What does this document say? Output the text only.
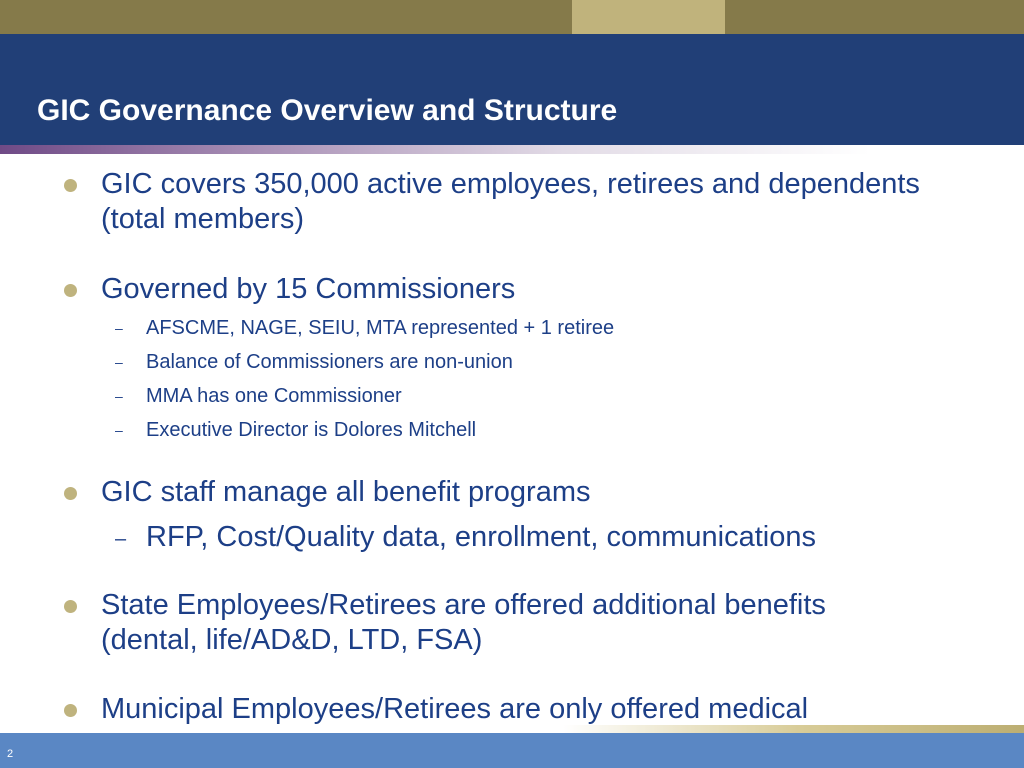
GIC Governance Overview and Structure
GIC covers 350,000 active employees, retirees and dependents (total members)
Governed by 15 Commissioners
– AFSCME, NAGE, SEIU, MTA represented + 1 retiree
– Balance of Commissioners are non-union
– MMA has one Commissioner
– Executive Director is Dolores Mitchell
GIC staff manage all benefit programs
– RFP, Cost/Quality data, enrollment, communications
State Employees/Retirees are offered additional benefits (dental, life/AD&D, LTD, FSA)
Municipal Employees/Retirees are only offered medical
2
